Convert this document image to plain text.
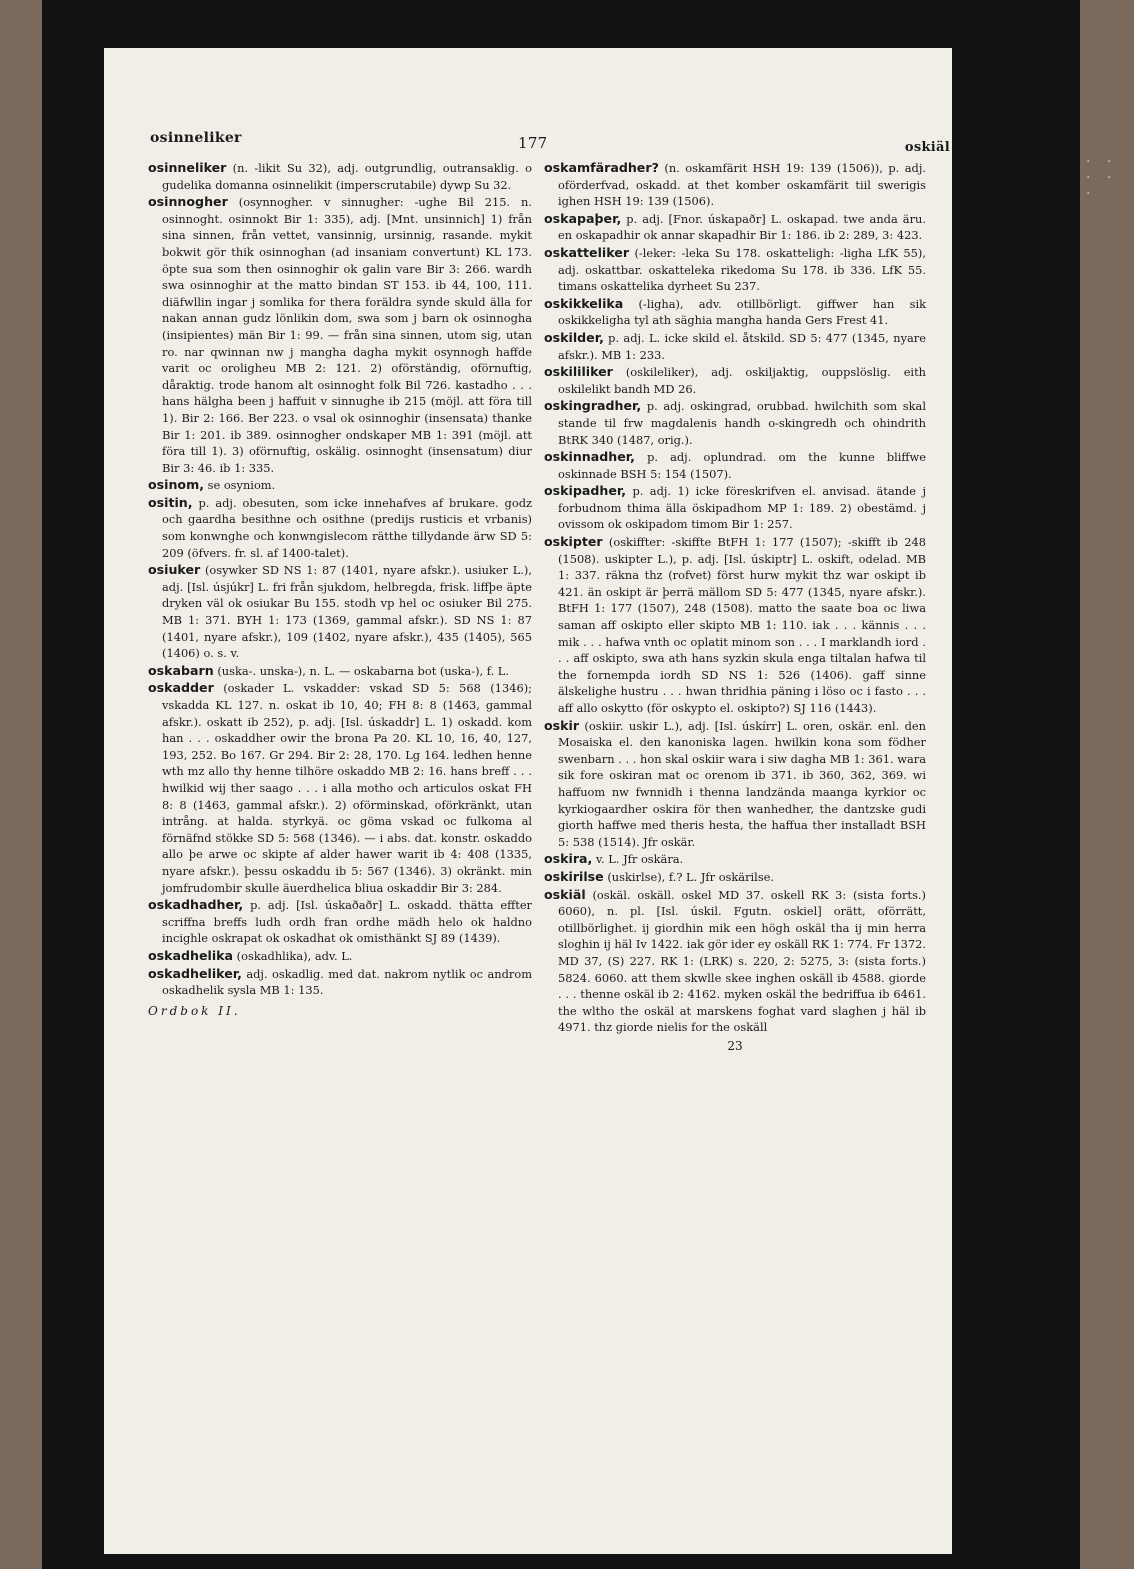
osinneliker	177	oskiäl

osinneliker (n. -likit Su 32), adj. outgrundlig, outransaklig. o gudelika domanna osinnelikit (imperscrutabile) dywp Su 32.

osinnogher (osynnogher. v sinnugher: -ughe Bil 215. n. osinnoght. osinnokt Bir 1: 335), adj. [Mnt. unsinnich] 1) från sina sinnen, från vettet, vansinnig, ursinnig, rasande. mykit bokwit gör thik osinnoghan (ad insaniam convertunt) KL 173. öpte sua som then osinnoghir ok galin vare Bir 3: 266. wardh swa osinnoghir at the matto bindan ST 153. ib 44, 100, 111. diäfwllin ingar j somlika for thera foräldra synde skuld älla for nakan annan gudz lönlikin dom, swa som j barn ok osinnogha (insipientes) män Bir 1: 99. — från sina sinnen, utom sig, utan ro. nar qwinnan nw j mangha dagha mykit osynnogh haffde varit oc oroligheu MB 2: 121. 2) oförständig, oförnuftig, dåraktig. trode hanom alt osinnoght folk Bil 726. kastadho . . . hans hälgha been j haffuit v sinnughe ib 215 (möjl. att föra till 1). Bir 2: 166. Ber 223. o vsal ok osinnoghir (insensata) thanke Bir 1: 201. ib 389. osinnogher ondskaper MB 1: 391 (möjl. att föra till 1). 3) oförnuftig, oskälig. osinnoght (insensatum) diur Bir 3: 46. ib 1: 335.

osinom, se osyniom.

ositin, p. adj. obesuten, som icke innehafves af brukare. godz och gaardha besithne och osithne (predijs rusticis et vrbanis) som konwnghe och konwngislecom rätthe tillydande ärw SD 5: 209 (öfvers. fr. sl. af 1400-talet).

osiuker (osywker SD NS 1: 87 (1401, nyare afskr.). usiuker L.), adj. [Isl. úsjúkr] L. fri från sjukdom, helbregda, frisk. liffþe äpte dryken väl ok osiukar Bu 155. stodh vp hel oc osiuker Bil 275. MB 1: 371. BYH 1: 173 (1369, gammal afskr.). SD NS 1: 87 (1401, nyare afskr.), 109 (1402, nyare afskr.), 435 (1405), 565 (1406) o. s. v.

oskabarn (uska-. unska-), n. L. — oskabarna bot (uska-), f. L.

oskadder (oskader L. vskadder: vskad SD 5: 568 (1346); vskadda KL 127. n. oskat ib 10, 40; FH 8: 8 (1463, gammal afskr.). oskatt ib 252), p. adj. [Isl. úskaddr] L. 1) oskadd. kom han . . . oskaddher owir the brona Pa 20. KL 10, 16, 40, 127, 193, 252. Bo 167. Gr 294. Bir 2: 28, 170. Lg 164. ledhen henne wth mz allo thy henne tilhöre oskaddo MB 2: 16. hans breff . . . hwilkid wij ther saago . . . i alla motho och articulos oskat FH 8: 8 (1463, gammal afskr.). 2) oförminskad, oförkränkt, utan intrång. at halda. styrkyä. oc göma vskad oc fulkoma al förnäfnd stökke SD 5: 568 (1346). — i abs. dat. konstr. oskaddo allo þe arwe oc skipte af alder hawer warit ib 4: 408 (1335, nyare afskr.). þessu oskaddu ib 5: 567 (1346). 3) okränkt. min jomfrudombir skulle äuerdhelica bliua oskaddir Bir 3: 284.

oskadhadher, p. adj. [Isl. úskaðaðr] L. oskadd. thätta effter scriffna breffs ludh ordh fran ordhe mädh helo ok haldno incighle oskrapat ok oskadhat ok omisthänkt SJ 89 (1439).

oskadhelika (oskadhlika), adv. L.

oskadheliker, adj. oskadlig. med dat. nakrom nytlik oc androm oskadhelik sysla MB 1: 135.

Ordbok II.

oskamfäradher? (n. oskamfärit HSH 19: 139 (1506)), p. adj. oförderfvad, oskadd. at thet komber oskamfärit tiil swerigis ighen HSH 19: 139 (1506).

oskapaþer, p. adj. [Fnor. úskapaðr] L. oskapad. twe anda äru. en oskapadhir ok annar skapadhir Bir 1: 186. ib 2: 289, 3: 423.

oskatteliker (-leker: -leka Su 178. oskatteligh: -ligha LfK 55), adj. oskattbar. oskatteleka rikedoma Su 178. ib 336. LfK 55. timans oskattelika dyrheet Su 237.

oskikkelika (-ligha), adv. otillbörligt. giffwer han sik oskikkeligha tyl ath säghia mangha handa Gers Frest 41.

oskilder, p. adj. L. icke skild el. åtskild. SD 5: 477 (1345, nyare afskr.). MB 1: 233.

oskililiker (oskileliker), adj. oskiljaktig, ouppslöslig. eith oskilelikt bandh MD 26.

oskingradher, p. adj. oskingrad, orubbad. hwilchith som skal stande til frw magdalenis handh o-skingredh och ohindrith BtRK 340 (1487, orig.).

oskinnadher, p. adj. oplundrad. om the kunne bliffwe oskinnade BSH 5: 154 (1507).

oskipadher, p. adj. 1) icke föreskrifven el. anvisad. ätande j forbudnom thima älla öskipadhom MP 1: 189. 2) obestämd. j ovissom ok oskipadom timom Bir 1: 257.

oskipter (oskiffter: -skiffte BtFH 1: 177 (1507); -skifft ib 248 (1508). uskipter L.), p. adj. [Isl. úskiptr] L. oskift, odelad. MB 1: 337. räkna thz (rofvet) först hurw mykit thz war oskipt ib 421. än oskipt är þerrä mällom SD 5: 477 (1345, nyare afskr.). BtFH 1: 177 (1507), 248 (1508). matto the saate boa oc liwa saman aff oskipto eller skipto MB 1: 110. iak . . . kännis . . . mik . . . hafwa vnth oc oplatit minom son . . . I marklandh iord . . . aff oskipto, swa ath hans syzkin skula enga tiltalan hafwa til the fornempda iordh SD NS 1: 526 (1406). gaff sinne älskelighe hustru . . . hwan thridhia päning i löso oc i fasto . . . aff allo oskytto (för oskypto el. oskipto?) SJ 116 (1443).

oskir (oskiir. uskir L.), adj. [Isl. úskírr] L. oren, oskär. enl. den Mosaiska el. den kanoniska lagen. hwilkin kona som födher swenbarn . . . hon skal oskiir wara i siw dagha MB 1: 361. wara sik fore oskiran mat oc orenom ib 371. ib 360, 362, 369. wi haffuom nw fwnnidh i thenna landzända maanga kyrkior oc kyrkiogaardher oskira för then wanhedher, the dantzske gudi giorth haffwe med theris hesta, the haffua ther installadt BSH 5: 538 (1514). Jfr oskär.

oskira, v. L. Jfr oskära.

oskirilse (uskirlse), f.? L. Jfr oskärilse.

oskiäl (oskäl. oskäll. oskel MD 37. oskell RK 3: (sista forts.) 6060), n. pl. [Isl. úskil. Fgutn. oskiel] orätt, oförrätt, otillbörlighet. ij giordhin mik een högh oskäl tha ij min herra sloghin ij häl Iv 1422. iak gör ider ey oskäll RK 1: 774. Fr 1372. MD 37, (S) 227. RK 1: (LRK) s. 220, 2: 5275, 3: (sista forts.) 5824. 6060. att them skwlle skee inghen oskäll ib 4588. giorde . . . thenne oskäl ib 2: 4162. myken oskäl the bedriffua ib 6461. the wltho the oskäl at marskens foghat vard slaghen j häl ib 4971. thz giorde nielis for the oskäll

23
· · · · ·
